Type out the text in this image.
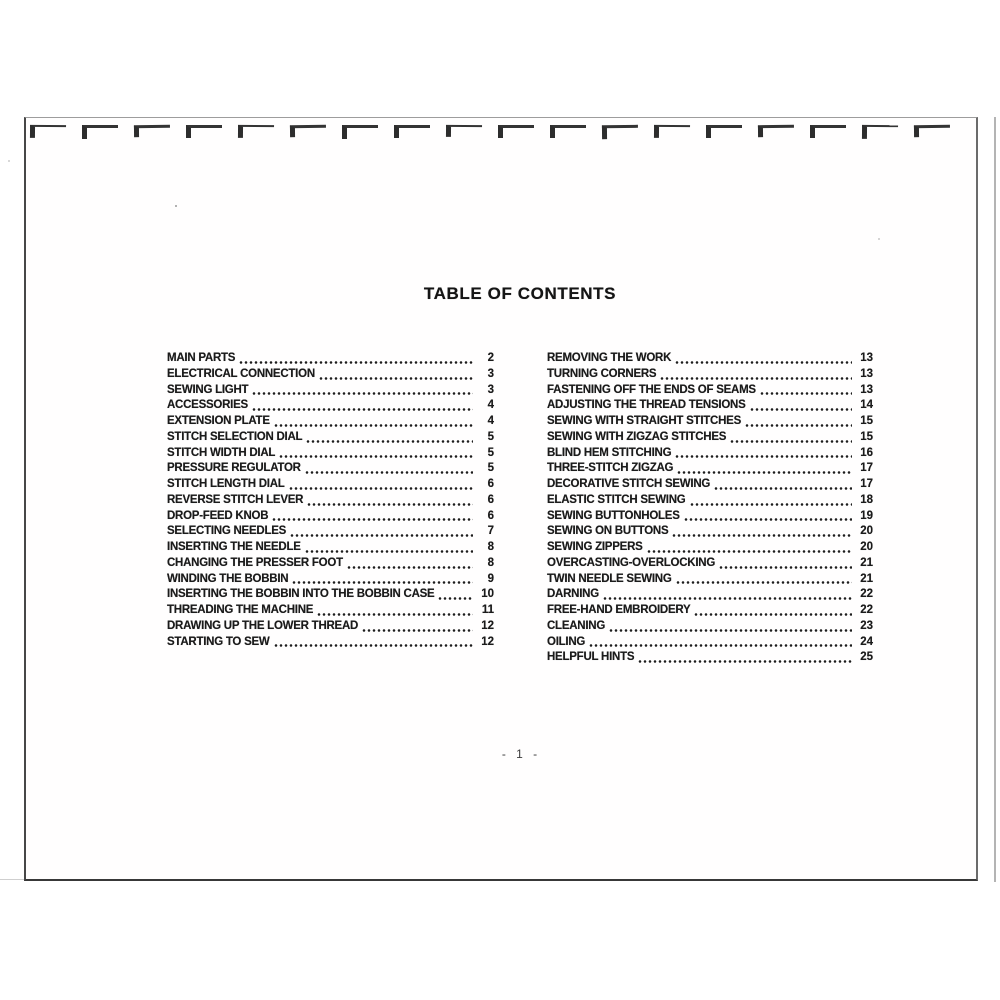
TABLE OF CONTENTS
MAIN PARTS	2
ELECTRICAL CONNECTION	3
SEWING LIGHT	3
ACCESSORIES	4
EXTENSION PLATE	4
STITCH SELECTION DIAL	5
STITCH WIDTH DIAL	5
PRESSURE REGULATOR	5
STITCH LENGTH DIAL	6
REVERSE STITCH LEVER	6
DROP-FEED KNOB	6
SELECTING NEEDLES	7
INSERTING THE NEEDLE	8
CHANGING THE PRESSER FOOT	8
WINDING THE BOBBIN	9
INSERTING THE BOBBIN INTO THE BOBBIN CASE	10
THREADING THE MACHINE	11
DRAWING UP THE LOWER THREAD	12
STARTING TO SEW	12
REMOVING THE WORK	13
TURNING CORNERS	13
FASTENING OFF THE ENDS OF SEAMS	13
ADJUSTING THE THREAD TENSIONS	14
SEWING WITH STRAIGHT STITCHES	15
SEWING WITH ZIGZAG STITCHES	15
BLIND HEM STITCHING	16
THREE-STITCH ZIGZAG	17
DECORATIVE STITCH SEWING	17
ELASTIC STITCH SEWING	18
SEWING BUTTONHOLES	19
SEWING ON BUTTONS	20
SEWING ZIPPERS	20
OVERCASTING-OVERLOCKING	21
TWIN NEEDLE SEWING	21
DARNING	22
FREE-HAND EMBROIDERY	22
CLEANING	23
OILING	24
HELPFUL HINTS	25
- 1 -
